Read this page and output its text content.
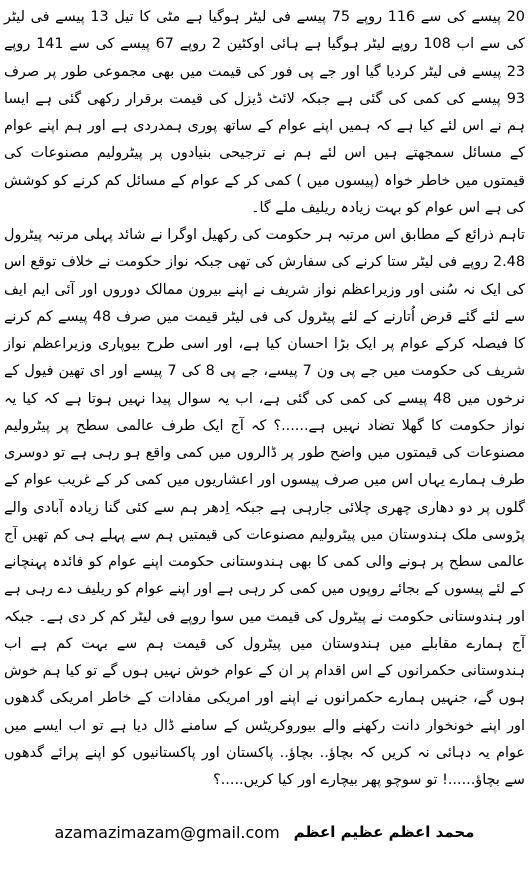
20 پیسے کی سے 116 روپے 75 پیسے فی لیٹر ہوگیا ہے مٹی کا تیل 13 پیسے فی لیٹر کی سے اب 108 روپے لیٹر ہوگیا ہے ہائی اوکٹین 2 روپے 67 پیسے کی سے 141 روپے 23 پیسے فی لیٹر کردیا گیا اور جے پی فور کی قیمت میں بھی مجموعی طور پر صرف 93 پیسے کی کمی کی گئی ہے جبکہ لائٹ ڈیزل کی قیمت برقرار رکھی گئی ہے ایسا ہم نے اس لئے کیا ہے کہ ہمیں اپنے عوام کے ساتھ پوری ہمدردی ہے اور ہم اپنے عوام کے مسائل سمجھتے ہیں اس لئے ہم نے ترجیحی بنیادوں پر پیٹرولیم مصنوعات کی قیمتوں میں خاطر خواہ (پیسوں میں ) کمی کر کے عوام کے مسائل کم کرنے کو کوشش کی ہے اس عوام کو بہت زیادہ ریلیف ملے گا۔

تاہم ذرائع کے مطابق اس مرتبہ ہر حکومت کی رکھیل اوگرا نے شائد پہلی مرتبہ پیٹرول 2.48 روپے فی لیٹر ستا کرنے کی سفارش کی تھی جبکہ نواز حکومت نے خلاف توقع اس کی ایک نہ سُنی اور وزیراعظم نواز شریف نے اپنے بیرون ممالک دوروں اور آئی ایم ایف سے لئے گئے قرض اُتارنے کے لئے پیٹرول کی فی لیٹر قیمت میں صرف 48 پیسے کم کرنے کا فیصلہ کرکے عوام پر ایک بڑا احسان کیا ہے، اور اسی طرح بیوپاری وزیراعظم نواز شریف کی حکومت میں جے پی ون 7 پیسے، جے پی 8 کی 7 پیسے اور ای تھین فیول کے نرخوں میں 48 پیسے کی کمی کی گئی ہے، اب یہ سوال پیدا نہیں ہوتا ہے کہ کیا یہ نواز حکومت کا گھلا تضاد نہیں ہے......؟ کہ آج ایک طرف عالمی سطح پر پیٹرولیم مصنوعات کی قیمتوں میں واضح طور پر ڈالروں میں کمی واقع ہو رہی ہے تو دوسری طرف ہمارے یہاں اس میں صرف پیسوں اور اعشاریوں میں کمی کر کے غریب عوام کے گلوں پر دو دھاری چھری چلائی جارہی ہے جبکہ اِدھر ہم سے کئی گنا زیادہ آبادی والے پڑوسی ملک ہندوستان میں پیٹرولیم مصنوعات کی قیمتیں ہم سے پہلے ہی کم تھیں آج عالمی سطح پر ہونے والی کمی کا بھی ہندوستانی حکومت اپنے عوام کو فائدہ پہنچانے کے لئے پیسوں کے بجائے روپوں میں کمی کر رہی ہے اور اپنے عوام کو ریلیف دے رہی ہے اور ہندوستانی حکومت نے پیٹرول کی قیمت میں سوا روپے فی لیٹر کم کر دی ہے۔ جبکہ آج ہمارے مقابلے میں ہندوستان میں پیٹرول کی قیمت ہم سے بہت کم ہے اب ہندوستانی حکمرانوں کے اس اقدام پر ان کے عوام خوش نہیں ہوں گے تو کیا ہم خوش ہوں گے، جنہیں ہمارے حکمرانوں نے اپنے اور امریکی مفادات کے خاطر امریکی گدھوں اور اپنے خونخوار دانت رکھنے والے بیوروکریٹس کے سامنے ڈال دیا ہے تو اب ایسے میں عوام یہ دہائی نہ کریں کہ بچاؤ.. بچاؤ.. پاکستان اور پاکستانیوں کو اپنے پرائے گدھوں سے بچاؤ......! تو سوچو پھر بیچارے اور کیا کریں.....؟

azamazimazam@gmail.com محمد اعظم عظیم اعظم
